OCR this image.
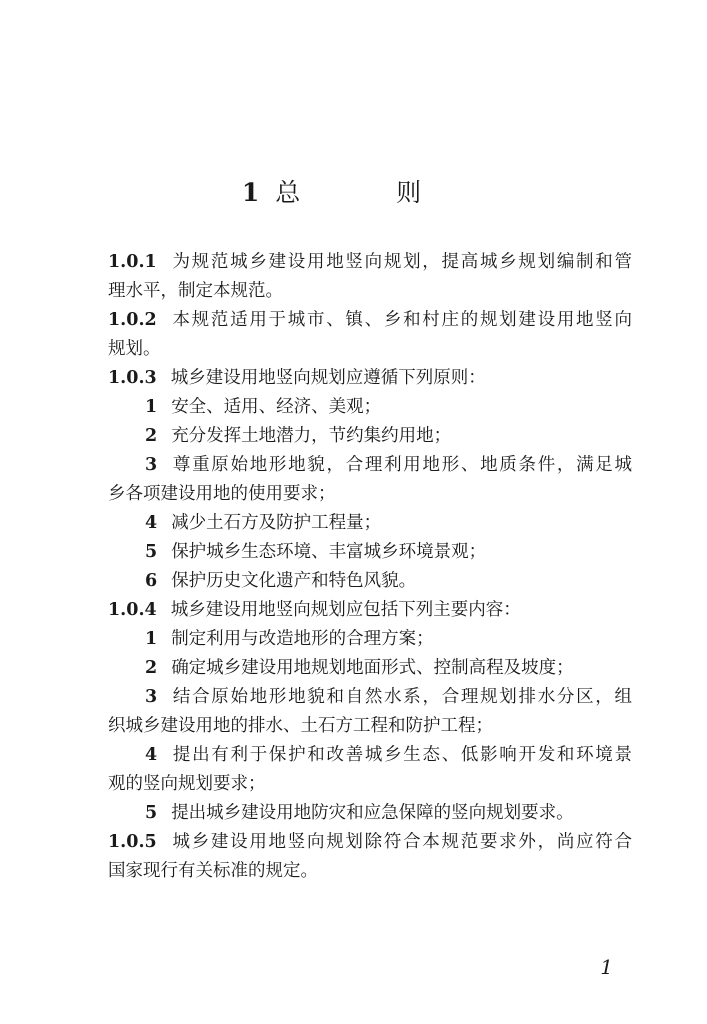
1 总 则
1.0.1 为规范城乡建设用地竖向规划，提高城乡规划编制和管
理水平，制定本规范。
1.0.2 本规范适用于城市、镇、乡和村庄的规划建设用地竖向
规划。
1.0.3 城乡建设用地竖向规划应遵循下列原则：
1 安全、适用、经济、美观；
2 充分发挥土地潜力，节约集约用地；
3 尊重原始地形地貌，合理利用地形、地质条件，满足城
乡各项建设用地的使用要求；
4 减少土石方及防护工程量；
5 保护城乡生态环境、丰富城乡环境景观；
6 保护历史文化遗产和特色风貌。
1.0.4 城乡建设用地竖向规划应包括下列主要内容：
1 制定利用与改造地形的合理方案；
2 确定城乡建设用地规划地面形式、控制高程及坡度；
3 结合原始地形地貌和自然水系，合理规划排水分区，组
织城乡建设用地的排水、土石方工程和防护工程；
4 提出有利于保护和改善城乡生态、低影响开发和环境景
观的竖向规划要求；
5 提出城乡建设用地防灾和应急保障的竖向规划要求。
1.0.5 城乡建设用地竖向规划除符合本规范要求外，尚应符合
国家现行有关标准的规定。
1
